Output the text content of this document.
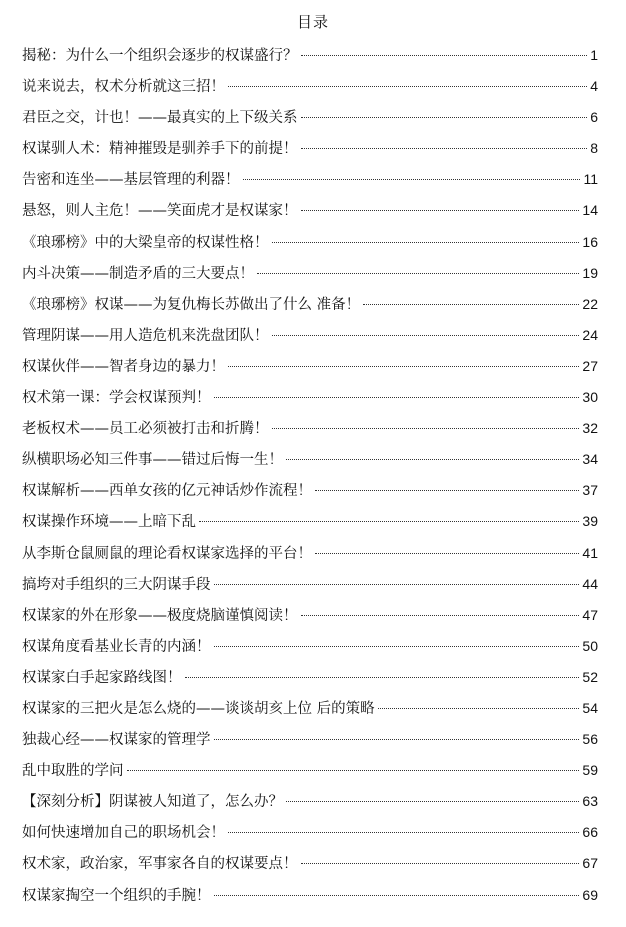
目录
揭秘：为什么一个组织会逐步的权谋盛行？	1
说来说去，权术分析就这三招！	4
君臣之交，计也！——最真实的上下级关系	6
权谋驯人术：精神摧毁是驯养手下的前提！	8
告密和连坐——基层管理的利器！	11
悬怒，则人主危！——笑面虎才是权谋家！	14
《琅琊榜》中的大梁皇帝的权谋性格！	16
内斗决策——制造矛盾的三大要点！	19
《琅琊榜》权谋——为复仇梅长苏做出了什么 准备！	22
管理阴谋——用人造危机来洗盘团队！	24
权谋伙伴——智者身边的暴力！	27
权术第一课：学会权谋预判！	30
老板权术——员工必须被打击和折腾！	32
纵横职场必知三件事——错过后悔一生！	34
权谋解析——西单女孩的亿元神话炒作流程！	37
权谋操作环境——上暗下乱	39
从李斯仓鼠厕鼠的理论看权谋家选择的平台！	41
搞垮对手组织的三大阴谋手段	44
权谋家的外在形象——极度烧脑谨慎阅读！	47
权谋角度看基业长青的内涵！	50
权谋家白手起家路线图！	52
权谋家的三把火是怎么烧的——谈谈胡亥上位 后的策略	54
独裁心经——权谋家的管理学	56
乱中取胜的学问	59
【深刻分析】阴谋被人知道了，怎么办？	63
如何快速增加自己的职场机会！	66
权术家，政治家，军事家各自的权谋要点！	67
权谋家掏空一个组织的手腕！	69
